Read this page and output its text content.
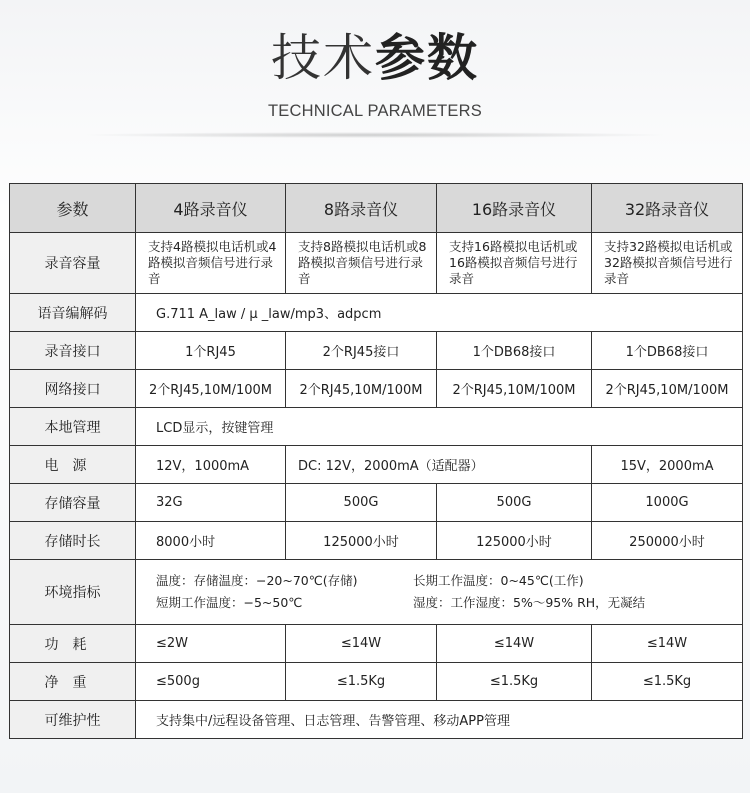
技术参数
TECHNICAL PARAMETERS
参数	4路录音仪	8路录音仪	16路录音仪	32路录音仪
录音容量	支持4路模拟电话机或4路模拟音频信号进行录音	支持8路模拟电话机或8路模拟音频信号进行录音	支持16路模拟电话机或16路模拟音频信号进行录音	支持32路模拟电话机或32路模拟音频信号进行录音
语音编解码	G.711 A_law / μ _law/mp3、adpcm			
录音接口	1个RJ45	2个RJ45接口	1个DB68接口	1个DB68接口
网络接口	2个RJ45,10M/100M	2个RJ45,10M/100M	2个RJ45,10M/100M	2个RJ45,10M/100M
本地管理	LCD显示，按键管理			
电源	12V，1000mA	DC: 12V，2000mA（适配器）		15V，2000mA
存储容量	32G	500G	500G	1000G
存储时长	8000小时	125000小时	125000小时	250000小时
环境指标	温度：存储温度：−20~70℃(存储) 长期工作温度：0~45℃(工作)
短期工作温度：−5~50℃ 湿度：工作湿度：5%～95% RH，无凝结			

功耗	≤2W	≤14W	≤14W	≤14W
净重	≤500g	≤1.5Kg	≤1.5Kg	≤1.5Kg
可维护性	支持集中/远程设备管理、日志管理、告警管理、移动APP管理			
